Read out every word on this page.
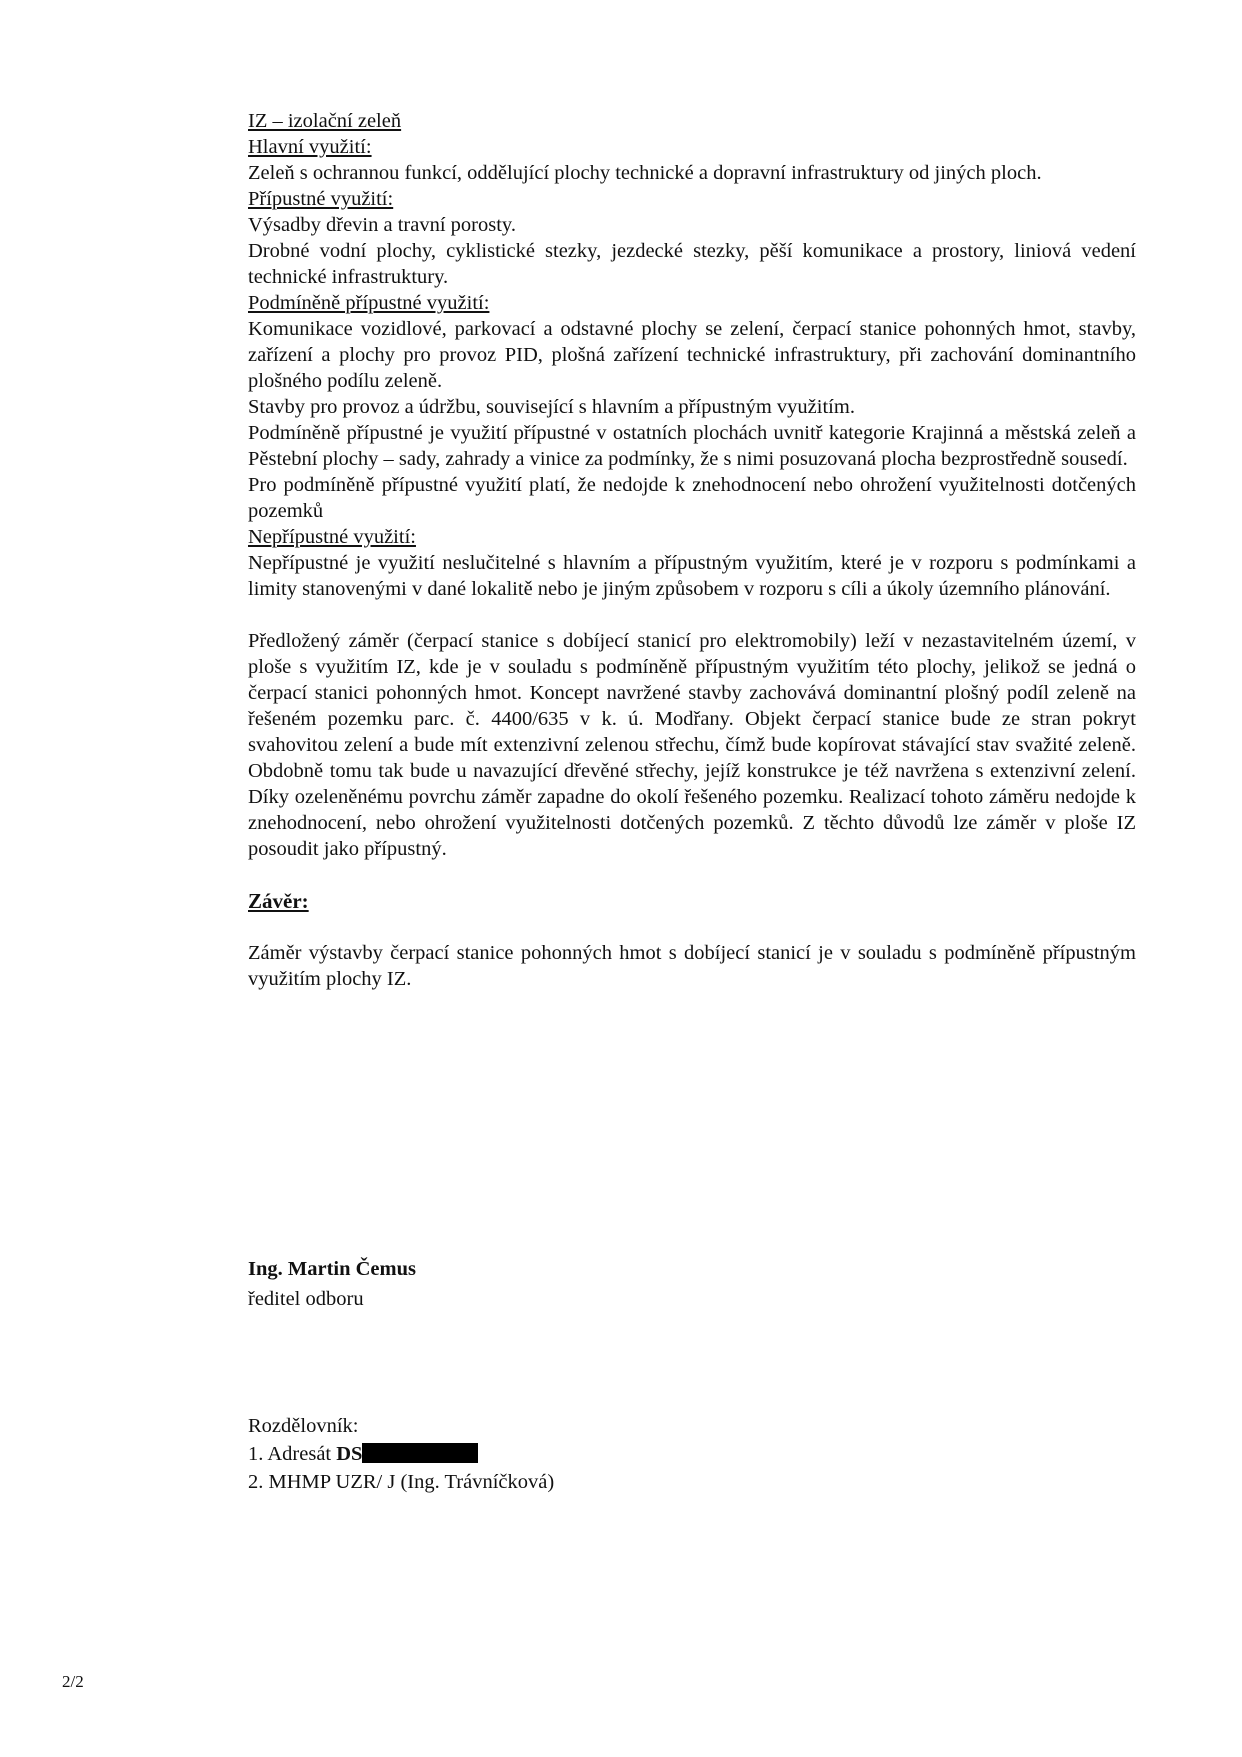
IZ – izolační zeleň
Hlavní využití:

Zeleň s ochrannou funkcí, oddělující plochy technické a dopravní infrastruktury od jiných ploch.

Přípustné využití:

Výsadby dřevin a travní porosty.

Drobné vodní plochy, cyklistické stezky, jezdecké stezky, pěší komunikace a prostory, liniová vedení technické infrastruktury.

Podmíněně přípustné využití:

Komunikace vozidlové, parkovací a odstavné plochy se zelení, čerpací stanice pohonných hmot, stavby, zařízení a plochy pro provoz PID, plošná zařízení technické infrastruktury, při zachování dominantního plošného podílu zeleně.

Stavby pro provoz a údržbu, související s hlavním a přípustným využitím.

Podmíněně přípustné je využití přípustné v ostatních plochách uvnitř kategorie Krajinná a městská zeleň a Pěstební plochy – sady, zahrady a vinice za podmínky, že s nimi posuzovaná plocha bezprostředně sousedí.

Pro podmíněně přípustné využití platí, že nedojde k znehodnocení nebo ohrožení využitelnosti dotčených pozemků

Nepřípustné využití:

Nepřípustné je využití neslučitelné s hlavním a přípustným využitím, které je v rozporu s podmínkami a limity stanovenými v dané lokalitě nebo je jiným způsobem v rozporu s cíli a úkoly územního plánování.

Předložený záměr (čerpací stanice s dobíjecí stanicí pro elektromobily) leží v nezastavitelném území, v ploše s využitím IZ, kde je v souladu s podmíněně přípustným využitím této plochy, jelikož se jedná o čerpací stanici pohonných hmot. Koncept navržené stavby zachovává dominantní plošný podíl zeleně na řešeném pozemku parc. č. 4400/635 v k. ú. Modřany. Objekt čerpací stanice bude ze stran pokryt svahovitou zelení a bude mít extenzivní zelenou střechu, čímž bude kopírovat stávající stav svažité zeleně. Obdobně tomu tak bude u navazující dřevěné střechy, jejíž konstrukce je též navržena s extenzivní zelení. Díky ozeleněnému povrchu záměr zapadne do okolí řešeného pozemku. Realizací tohoto záměru nedojde k znehodnocení, nebo ohrožení využitelnosti dotčených pozemků. Z těchto důvodů lze záměr v ploše IZ posoudit jako přípustný.

Závěr:

Záměr výstavby čerpací stanice pohonných hmot s dobíjecí stanicí je v souladu s podmíněně přípustným využitím plochy IZ.

Ing. Martin Čemus
ředitel odboru
Rozdělovník:
1. Adresát DS
2. MHMP UZR/ J (Ing. Trávníčková)
2/2
